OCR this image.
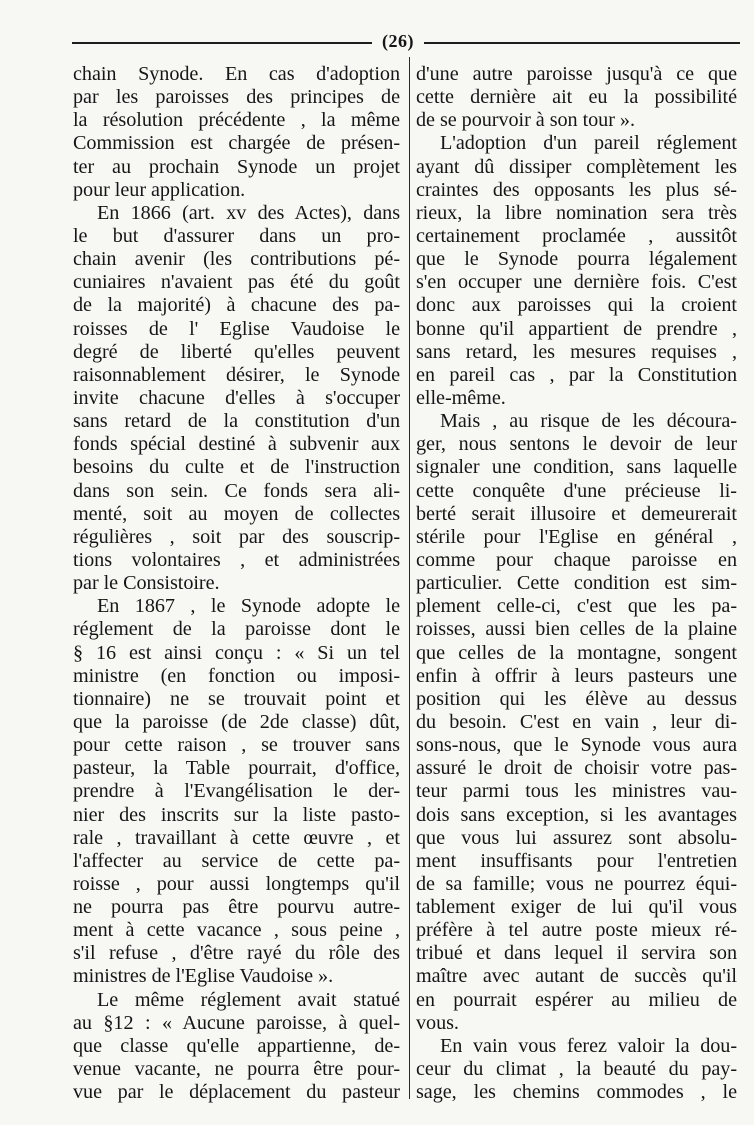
(26)
chain Synode. En cas d'adoption
par les paroisses des principes de
la résolution précédente , la même
Commission est chargée de présen-
ter au prochain Synode un projet
pour leur application.
En 1866 (art. xv des Actes), dans
le but d'assurer dans un pro-
chain avenir (les contributions pé-
cuniaires n'avaient pas été du goût
de la majorité) à chacune des pa-
roisses de l' Eglise Vaudoise le
degré de liberté qu'elles peuvent
raisonnablement désirer, le Synode
invite chacune d'elles à s'occuper
sans retard de la constitution d'un
fonds spécial destiné à subvenir aux
besoins du culte et de l'instruction
dans son sein. Ce fonds sera ali-
menté, soit au moyen de collectes
régulières , soit par des souscrip-
tions volontaires , et administrées
par le Consistoire.
En 1867 , le Synode adopte le
réglement de la paroisse dont le
§ 16 est ainsi conçu : « Si un tel
ministre (en fonction ou imposi-
tionnaire) ne se trouvait point et
que la paroisse (de 2de classe) dût,
pour cette raison , se trouver sans
pasteur, la Table pourrait, d'office,
prendre à l'Evangélisation le der-
nier des inscrits sur la liste pasto-
rale , travaillant à cette œuvre , et
l'affecter au service de cette pa-
roisse , pour aussi longtemps qu'il
ne pourra pas être pourvu autre-
ment à cette vacance , sous peine ,
s'il refuse , d'être rayé du rôle des
ministres de l'Eglise Vaudoise ».
Le même réglement avait statué
au §12 : « Aucune paroisse, à quel-
que classe qu'elle appartienne, de-
venue vacante, ne pourra être pour-
vue par le déplacement du pasteur
d'une autre paroisse jusqu'à ce que
cette dernière ait eu la possibilité
de se pourvoir à son tour ».
L'adoption d'un pareil réglement
ayant dû dissiper complètement les
craintes des opposants les plus sé-
rieux, la libre nomination sera très
certainement proclamée , aussitôt
que le Synode pourra légalement
s'en occuper une dernière fois. C'est
donc aux paroisses qui la croient
bonne qu'il appartient de prendre ,
sans retard, les mesures requises ,
en pareil cas , par la Constitution
elle-même.
Mais , au risque de les découra-
ger, nous sentons le devoir de leur
signaler une condition, sans laquelle
cette conquête d'une précieuse li-
berté serait illusoire et demeurerait
stérile pour l'Eglise en général ,
comme pour chaque paroisse en
particulier. Cette condition est sim-
plement celle-ci, c'est que les pa-
roisses, aussi bien celles de la plaine
que celles de la montagne, songent
enfin à offrir à leurs pasteurs une
position qui les élève au dessus
du besoin. C'est en vain , leur di-
sons-nous, que le Synode vous aura
assuré le droit de choisir votre pas-
teur parmi tous les ministres vau-
dois sans exception, si les avantages
que vous lui assurez sont absolu-
ment insuffisants pour l'entretien
de sa famille; vous ne pourrez équi-
tablement exiger de lui qu'il vous
préfère à tel autre poste mieux ré-
tribué et dans lequel il servira son
maître avec autant de succès qu'il
en pourrait espérer au milieu de
vous.
En vain vous ferez valoir la dou-
ceur du climat , la beauté du pay-
sage, les chemins commodes , le
